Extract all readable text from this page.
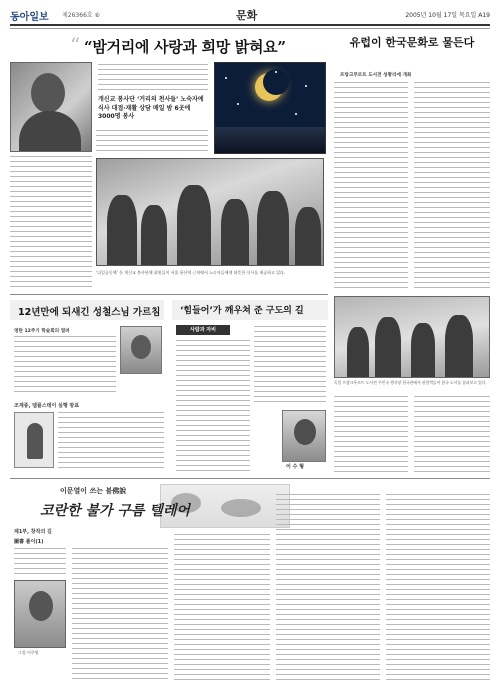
동아일보 제26366호 ⑥	문화	2005년 10월 17일 목요일 A19
“ “밤거리에 사랑과 희망 밝혀요”
개신교 봉사단 ‘거리의 천사들’ 노숙자에 식사 대접·재활 상담 매일 밤 6곳에 3000명 봉사
‘다일공동체’ 등 개신교 봉사단체 회원들이 서울 용산역 근처에서 노숙자들에게 따뜻한 식사를 제공하고 있다.
유럽이 한국문화로 물든다
프랑크푸르트 도서전 성황리에 개최
12년만에 되새긴 성철스님 가르침
영탄 12주기 학술회의 열려
조계종, 템플스테이 실행 방표
‘힘들어’가 깨우쳐 준 구도의 길
사람과 자비
이 수 형
독일 프랑크푸르트 도서전 주빈국 행사장 한국관에서 관람객들이 한국 도서를 살펴보고 있다.
이문열이 쓰는 불佛說
코란한 불가 구름 텔레어
제1부, 창작의 길
圖書 풀이(1)
그림 이주원
